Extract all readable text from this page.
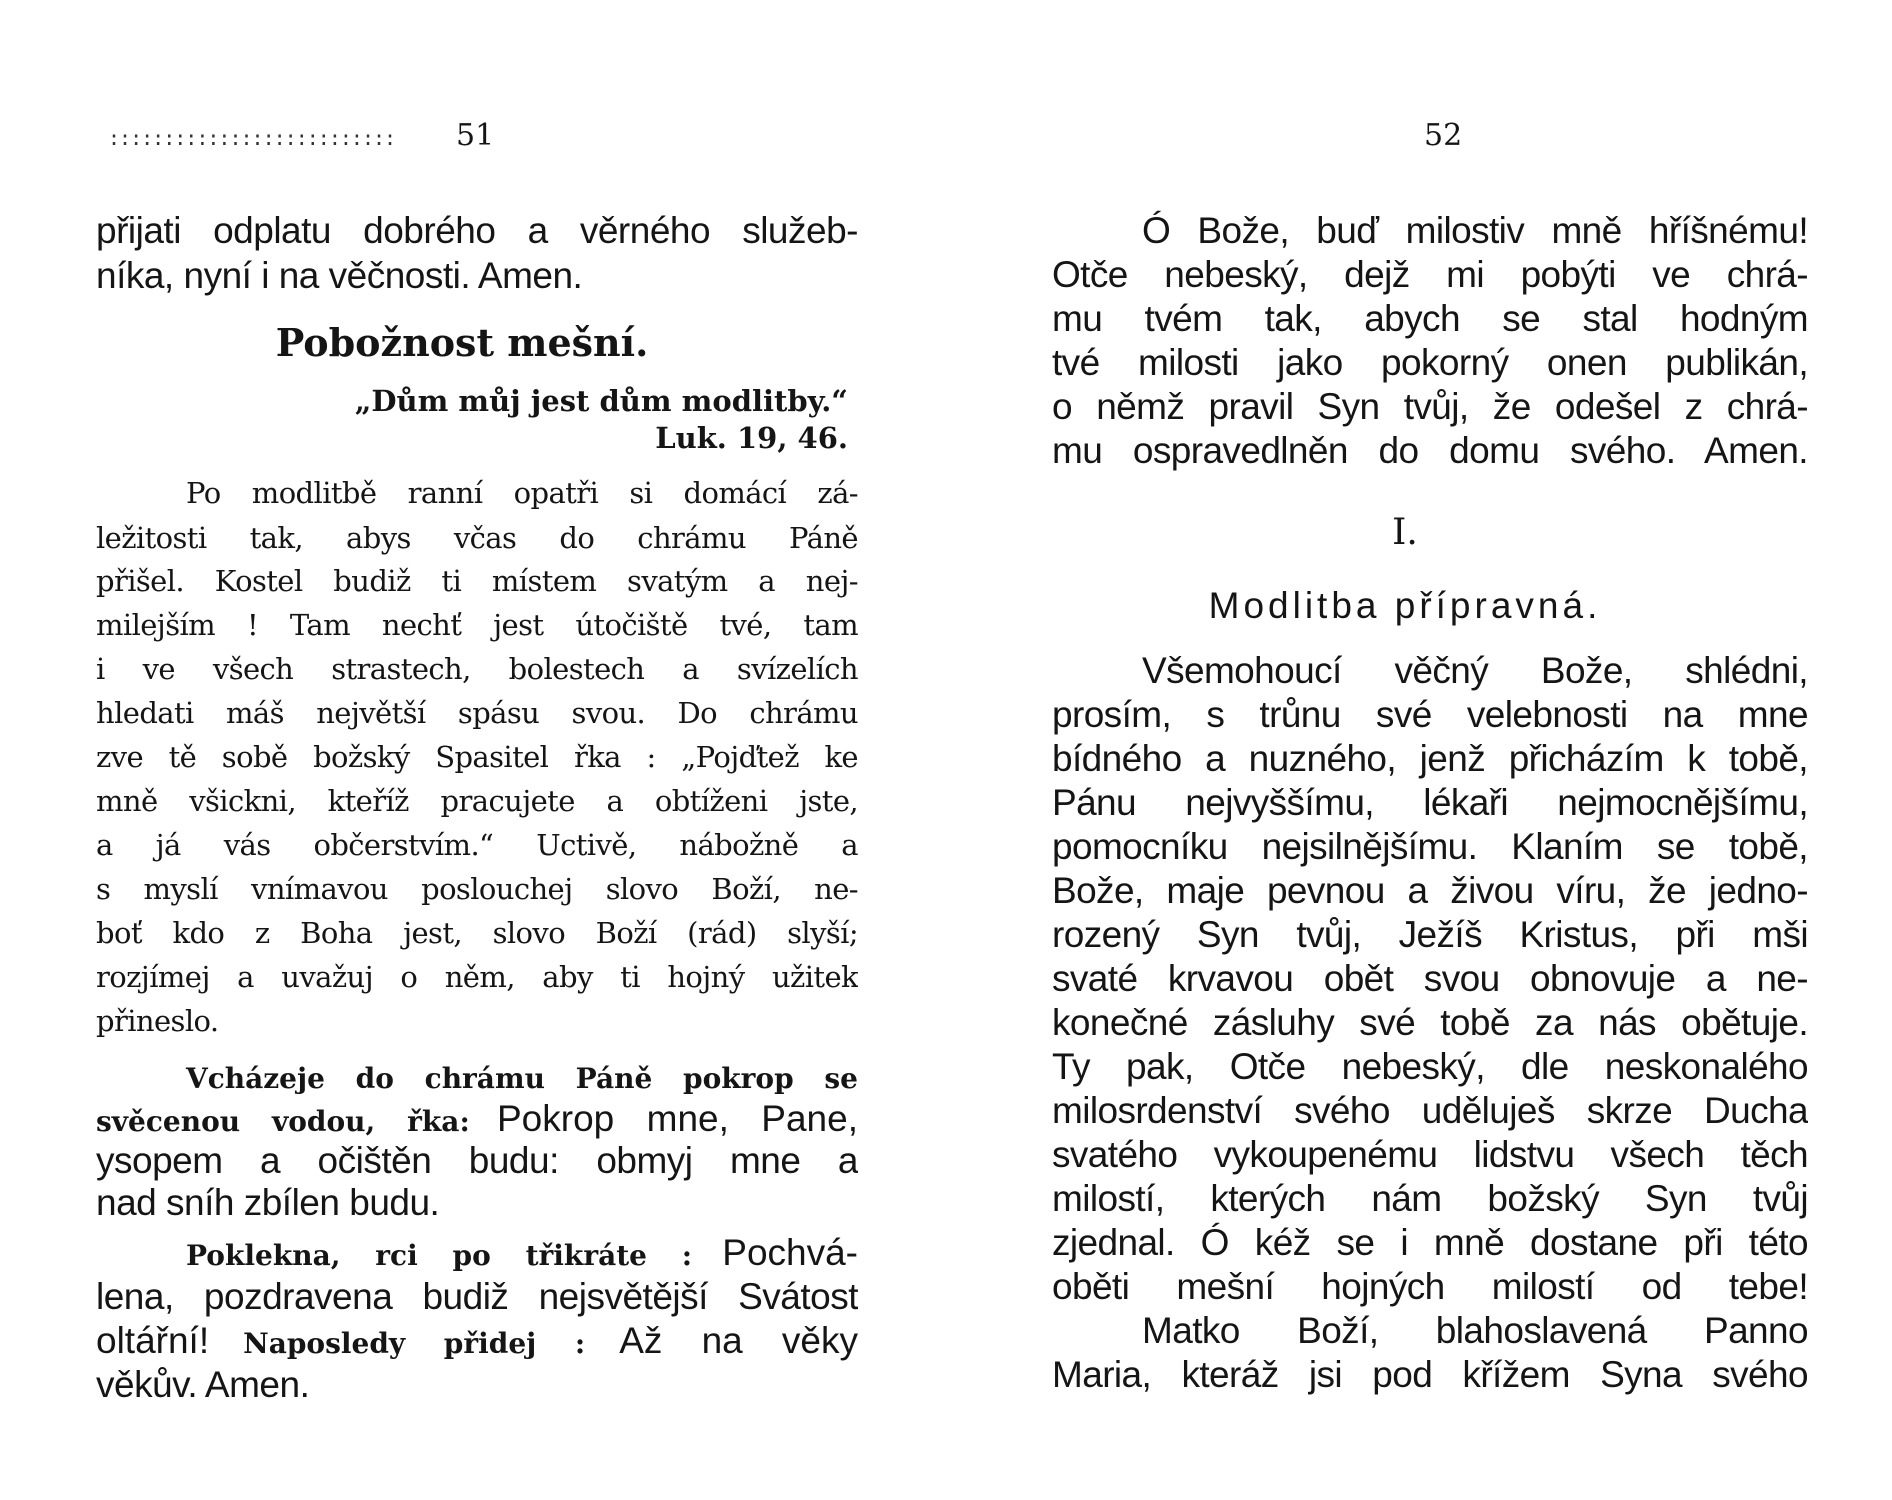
:::::::::::::::::::::::::: 51
přijati odplatu dobrého a věrného služeb-
níka, nyní i na věčnosti. Amen.
Pobožnost mešní.
„Dům můj jest dům modlitby.“
Luk. 19, 46.
Po modlitbě ranní opatři si domácí zá-
ležitosti tak, abys včas do chrámu Páně
přišel. Kostel budiž ti místem svatým a nej-
milejším ! Tam nechť jest útočiště tvé, tam
i ve všech strastech, bolestech a svízelích
hledati máš největší spásu svou. Do chrámu
zve tě sobě božský Spasitel řka : „Pojďtež ke
mně všickni, kteříž pracujete a obtíženi jste,
a já vás občerstvím.“ Uctivě, nábožně a
s myslí vnímavou poslouchej slovo Boží, ne-
boť kdo z Boha jest, slovo Boží (rád) slyší;
rozjímej a uvažuj o něm, aby ti hojný užitek
přineslo.
Vcházeje do chrámu Páně pokrop se
svěcenou vodou, řka: Pokrop mne, Pane,
ysopem a očištěn budu: obmyj mne a
nad sníh zbílen budu.
Poklekna, rci po třikráte : Pochvá-
lena, pozdravena budiž nejsvětější Svátost
oltářní! Naposledy přidej : Až na věky
věkův. Amen.
52
Ó Bože, buď milostiv mně hříšnému!
Otče nebeský, dejž mi pobýti ve chrá-
mu tvém tak, abych se stal hodným
tvé milosti jako pokorný onen publikán,
o němž pravil Syn tvůj, že odešel z chrá-
mu ospravedlněn do domu svého. Amen.
I.
Modlitba přípravná.
Všemohoucí věčný Bože, shlédni,
prosím, s trůnu své velebnosti na mne
bídného a nuzného, jenž přicházím k tobě,
Pánu nejvyššímu, lékaři nejmocnějšímu,
pomocníku nejsilnějšímu. Klaním se tobě,
Bože, maje pevnou a živou víru, že jedno-
rozený Syn tvůj, Ježíš Kristus, při mši
svaté krvavou obět svou obnovuje a ne-
konečné zásluhy své tobě za nás obětuje.
Ty pak, Otče nebeský, dle neskonalého
milosrdenství svého uděluješ skrze Ducha
svatého vykoupenému lidstvu všech těch
milostí, kterých nám božský Syn tvůj
zjednal. Ó kéž se i mně dostane při této
oběti mešní hojných milostí od tebe!
Matko Boží, blahoslavená Panno
Maria, kteráž jsi pod křížem Syna svého
